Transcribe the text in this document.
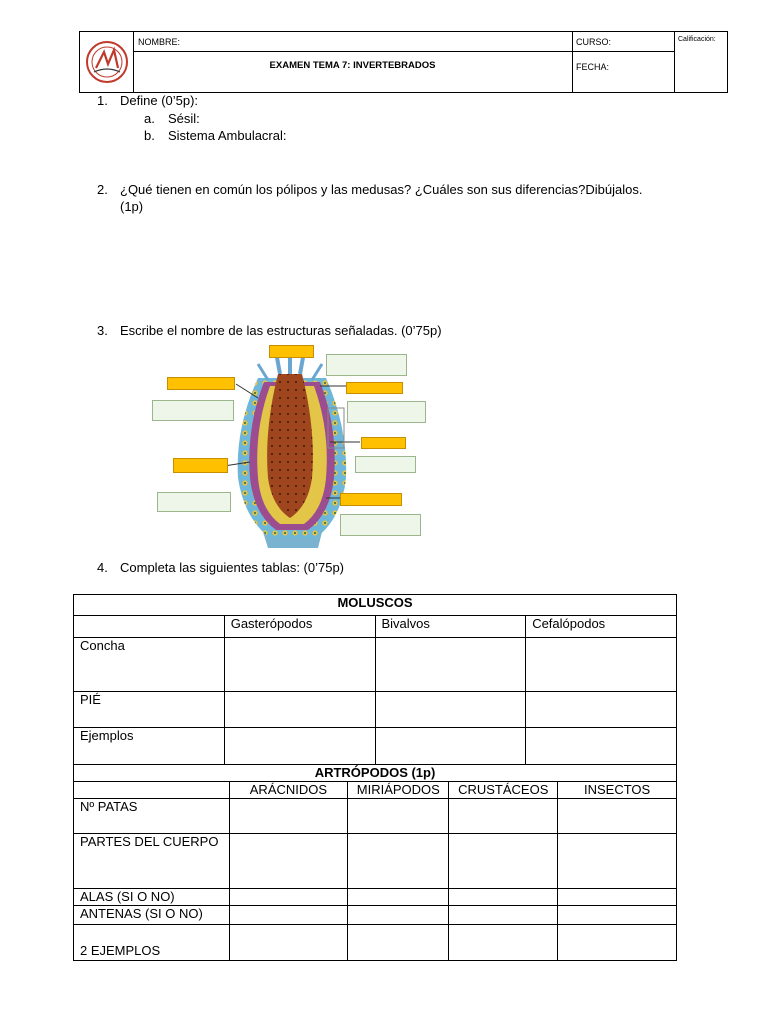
NOMBRE:	CURSO:	Calificación:
EXAMEN TEMA 7: INVERTEBRADOS	FECHA:
1. Define (0’5p):
a. Sésil:
b. Sistema Ambulacral:
2. ¿Qué tienen en común los pólipos y las medusas? ¿Cuáles son sus diferencias?Dibújalos.
(1p)
3. Escribe el nombre de las estructuras señaladas. (0’75p)
4. Completa las siguientes tablas: (0’75p)
MOLUSCOS			
	Gasterópodos	Bivalvos	Cefalópodos
Concha			
PIÉ			
Ejemplos			
ARTRÓPODOS (1p)				
	ARÁCNIDOS	MIRIÁPODOS	CRUSTÁCEOS	INSECTOS
Nº PATAS				
PARTES DEL CUERPO				
ALAS (SI O NO)				
ANTENAS (SI O NO)				
2 EJEMPLOS				
